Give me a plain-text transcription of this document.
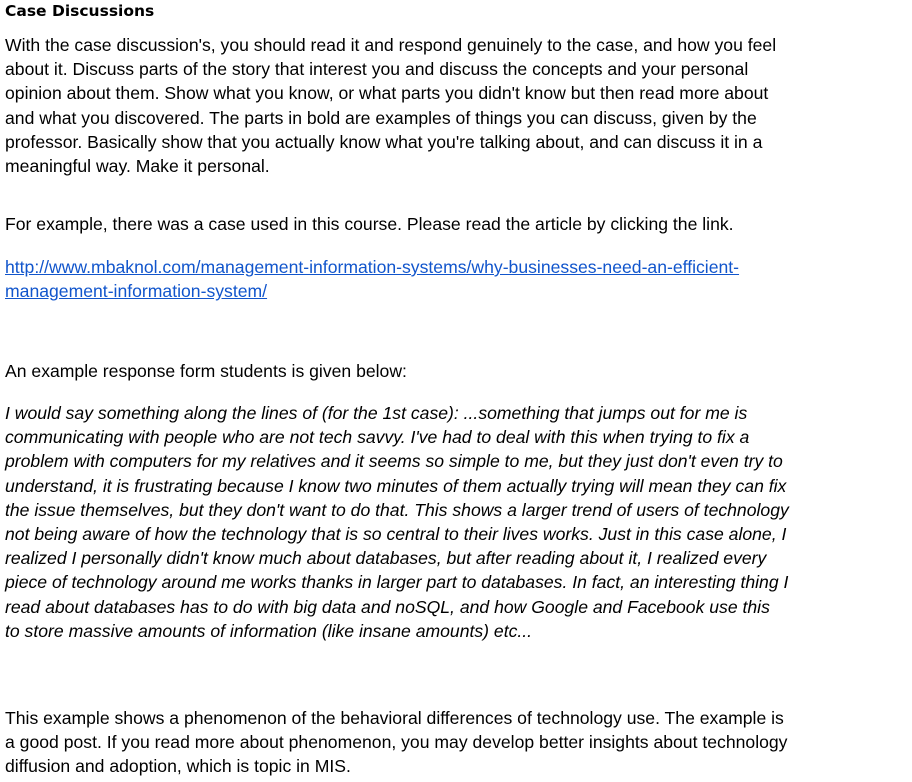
Case Discussions

With the case discussion's, you should read it and respond genuinely to the case, and how you feel
about it. Discuss parts of the story that interest you and discuss the concepts and your personal
opinion about them. Show what you know, or what parts you didn't know but then read more about
and what you discovered. The parts in bold are examples of things you can discuss, given by the
professor. Basically show that you actually know what you're talking about, and can discuss it in a
meaningful way. Make it personal.

For example, there was a case used in this course. Please read the article by clicking the link.

http://www.mbaknol.com/management-information-systems/why-businesses-need-an-efficient-
management-information-system/

An example response form students is given below:

I would say something along the lines of (for the 1st case): ...something that jumps out for me is
communicating with people who are not tech savvy. I've had to deal with this when trying to fix a
problem with computers for my relatives and it seems so simple to me, but they just don't even try to
understand, it is frustrating because I know two minutes of them actually trying will mean they can fix
the issue themselves, but they don't want to do that. This shows a larger trend of users of technology
not being aware of how the technology that is so central to their lives works. Just in this case alone, I
realized I personally didn't know much about databases, but after reading about it, I realized every
piece of technology around me works thanks in larger part to databases. In fact, an interesting thing I
read about databases has to do with big data and noSQL, and how Google and Facebook use this
to store massive amounts of information (like insane amounts) etc...

This example shows a phenomenon of the behavioral differences of technology use. The example is
a good post. If you read more about phenomenon, you may develop better insights about technology
diffusion and adoption, which is topic in MIS.
